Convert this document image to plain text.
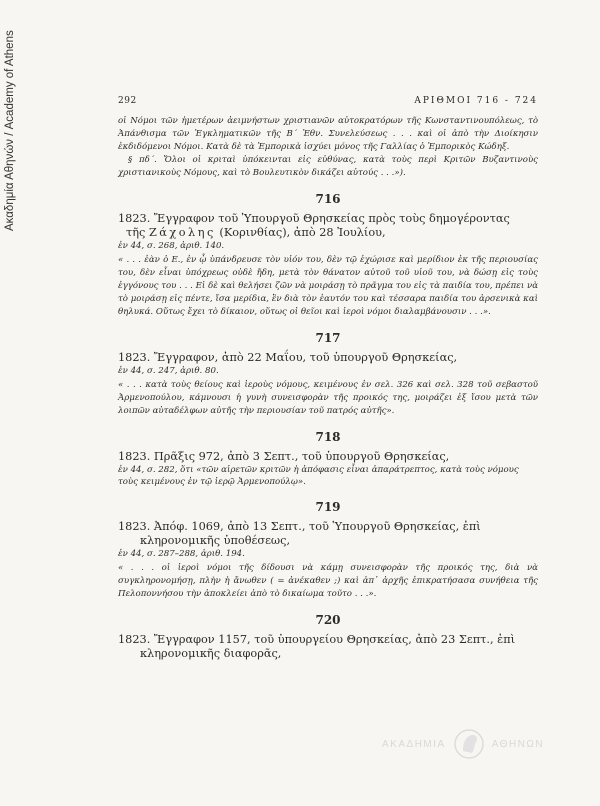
Ακαδημία Αθηνών / Academy of Athens	292	ΑΡΙΘΜΟΙ 716 - 724

οἱ Νόμοι τῶν ἡμετέρων ἀειμνήστων χριστιανῶν αὐτοκρατόρων τῆς Κωνσταντινουπόλεως, τὸ Ἀπάνθισμα τῶν Ἐγκληματικῶν τῆς Β´ Ἐθν. Συνελεύσεως . . . καὶ οἱ ἀπὸ τὴν Διοίκησιν ἐκδιδόμενοι Νόμοι. Κατὰ δὲ τὰ Ἐμπορικὰ ἰσχύει μόνος τῆς Γαλλίας ὁ Ἐμπορικὸς Κώδηξ.

§ πδ´. Ὅλοι οἱ κριταὶ ὑπόκεινται εἰς εὐθύνας, κατὰ τοὺς περὶ Κριτῶν Βυζαντινοὺς χριστιανικοὺς Νόμους, καὶ τὸ Βουλευτικὸν δικάζει αὐτούς . . .»).

716
1823. Ἔγγραφον τοῦ Ὑπουργοῦ Θρησκείας πρὸς τοὺς δημογέροντας
τῆς Ζάχολης (Κορινθίας), ἀπὸ 28 Ἰουλίου,
ἐν 44, σ. 268, ἀριθ. 140.

« . . . ἐὰν ὁ Ε., ἐν ᾧ ὑπάνδρευσε τὸν υἱόν του, δὲν τῷ ἐχώρισε καὶ μερίδιον ἐκ τῆς περιουσίας του, δὲν εἶναι ὑπόχρεως οὐδὲ ἤδη, μετὰ τὸν θάνατον αὐτοῦ τοῦ υἱοῦ του, νὰ δώσῃ εἰς τοὺς ἐγγόνους του . . . Εἰ δὲ καὶ θελήσει ζῶν νὰ μοιράσῃ τὸ πρᾶγμα του εἰς τὰ παιδία του, πρέπει νὰ τὸ μοιράσῃ εἰς πέντε, ἴσα μερίδια, ἓν διὰ τὸν ἑαυτόν του καὶ τέσσαρα παιδία του ἀρσενικὰ καὶ θηλυκά. Οὕτως ἔχει τὸ δίκαιον, οὕτως οἱ θεῖοι καὶ ἱεροὶ νόμοι διαλαμβάνουσιν . . .».

717
1823. Ἔγγραφον, ἀπὸ 22 Μαΐου, τοῦ ὑπουργοῦ Θρησκείας,
ἐν 44, σ. 247, ἀριθ. 80.

« . . . κατὰ τοὺς θείους καὶ ἱεροὺς νόμους, κειμένους ἐν σελ. 326 καὶ σελ. 328 τοῦ σεβαστοῦ Ἀρμενοπούλου, κάμνουσι ἡ γυνὴ συνεισφορὰν τῆς προικός της, μοιράζει ἐξ ἴσου μετὰ τῶν λοιπῶν αὐταδέλφων αὐτῆς τὴν περιουσίαν τοῦ πατρός αὐτῆς».

718
1823. Πρᾶξις 972, ἀπὸ 3 Σεπτ., τοῦ ὑπουργοῦ Θρησκείας,
ἐν 44, σ. 282, ὅτι «τῶν αἱρετῶν κριτῶν ἡ ἀπόφασις εἶναι ἀπαράτρεπτος, κατὰ τοὺς νόμους τοὺς κειμένους ἐν τῷ ἱερῷ Ἀρμενοπούλῳ».
719
1823. Ἀπόφ. 1069, ἀπὸ 13 Σεπτ., τοῦ Ὑπουργοῦ Θρησκείας, ἐπὶ κληρονομικῆς ὑποθέσεως,
ἐν 44, σ. 287–288, ἀριθ. 194.

« . . . οἱ ἱεροὶ νόμοι τῆς δίδουσι νὰ κάμῃ συνεισφορὰν τῆς προικός της, διὰ νὰ συγκληρονομήσῃ, πλὴν ἡ ἄνωθεν ( = ἀνέκαθεν ;) καὶ ἀπ᾽ ἀρχῆς ἐπικρατήσασα συνήθεια τῆς Πελοποννήσου τὴν ἀποκλείει ἀπὸ τὸ δικαίωμα τοῦτο . . .».

720
1823. Ἔγγραφον 1157, τοῦ ὑπουργείου Θρησκείας, ἀπὸ 23 Σεπτ., ἐπὶ κληρονομικῆς διαφορᾶς,
ΑΚΑΔΗΜΙΑ	ΑΘΗΝΩΝ
